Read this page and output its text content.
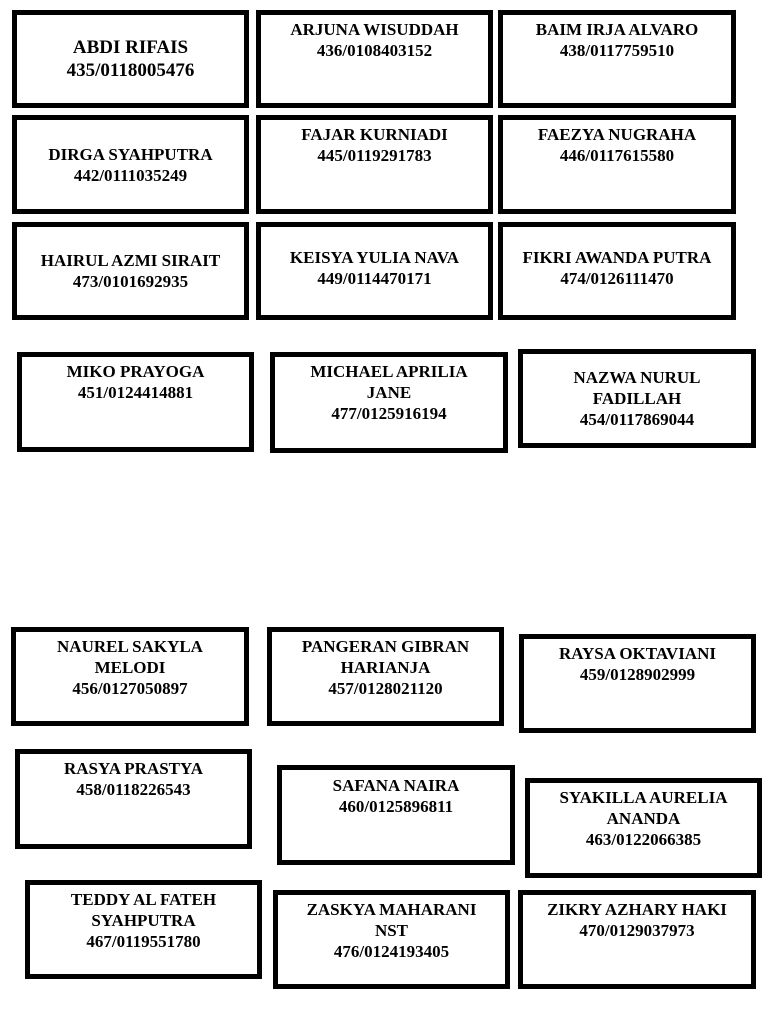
ABDI RIFAIS
435/0118005476
ARJUNA WISUDDAH
436/0108403152
BAIM IRJA ALVARO
438/0117759510
DIRGA SYAHPUTRA
442/0111035249
FAJAR KURNIADI
445/0119291783
FAEZYA NUGRAHA
446/0117615580
HAIRUL AZMI SIRAIT
473/0101692935
KEISYA YULIA NAVA
449/0114470171
FIKRI AWANDA PUTRA
474/0126111470
MIKO PRAYOGA
451/0124414881
MICHAEL APRILIA JANE
477/0125916194
NAZWA NURUL FADILLAH
454/0117869044
NAUREL SAKYLA MELODI
456/0127050897
PANGERAN GIBRAN HARIANJA
457/0128021120
RAYSA OKTAVIANI
459/0128902999
RASYA PRASTYA
458/0118226543	SAFANA NAIRA
460/0125896811	SYAKILLA AURELIA ANANDA
463/0122066385
TEDDY AL FATEH SYAHPUTRA
467/0119551780
ZASKYA MAHARANI NST
476/0124193405
ZIKRY AZHARY HAKI
470/0129037973
